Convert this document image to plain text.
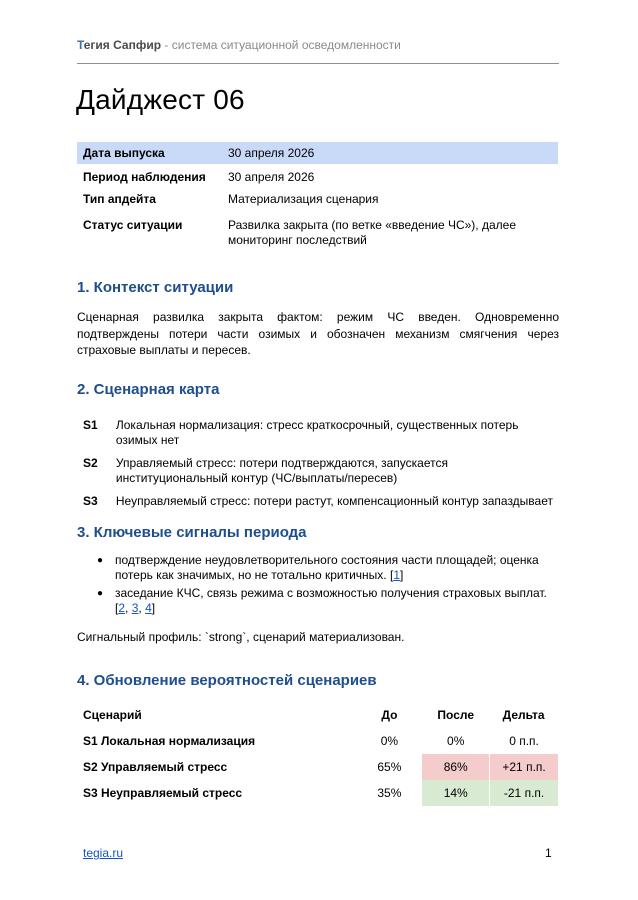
Тегия Сапфир - система ситуационной осведомленности
Дайджест 06
Дата выпуска	30 апреля 2026
Период наблюдения	30 апреля 2026
Тип апдейта	Материализация сценария
Статус ситуации	Развилка закрыта (по ветке «введение ЧС»), далее мониторинг последствий
1. Контекст ситуации
Сценарная развилка закрыта фактом: режим ЧС введен. Одновременно подтверждены потери части озимых и обозначен механизм смягчения через страховые выплаты и пересев.
2. Сценарная карта
S1	Локальная нормализация: стресс краткосрочный, существенных потерь озимых нет
S2	Управляемый стресс: потери подтверждаются, запускается институциональный контур (ЧС/выплаты/пересев)
S3	Неуправляемый стресс: потери растут, компенсационный контур запаздывает
3. Ключевые сигналы периода
● подтверждение неудовлетворительного состояния части площадей; оценка потерь как значимых, но не тотально критичных. [1]
● заседание КЧС, связь режима с возможностью получения страховых выплат. [2, 3, 4]
Сигнальный профиль: `strong`, сценарий материализован.
4. Обновление вероятностей сценариев
Сценарий	До	После	Дельта
S1 Локальная нормализация	0%	0%	0 п.п.
S2 Управляемый стресс	65%	86%	+21 п.п.
S3 Неуправляемый стресс	35%	14%	-21 п.п.
tegia.ru	1
